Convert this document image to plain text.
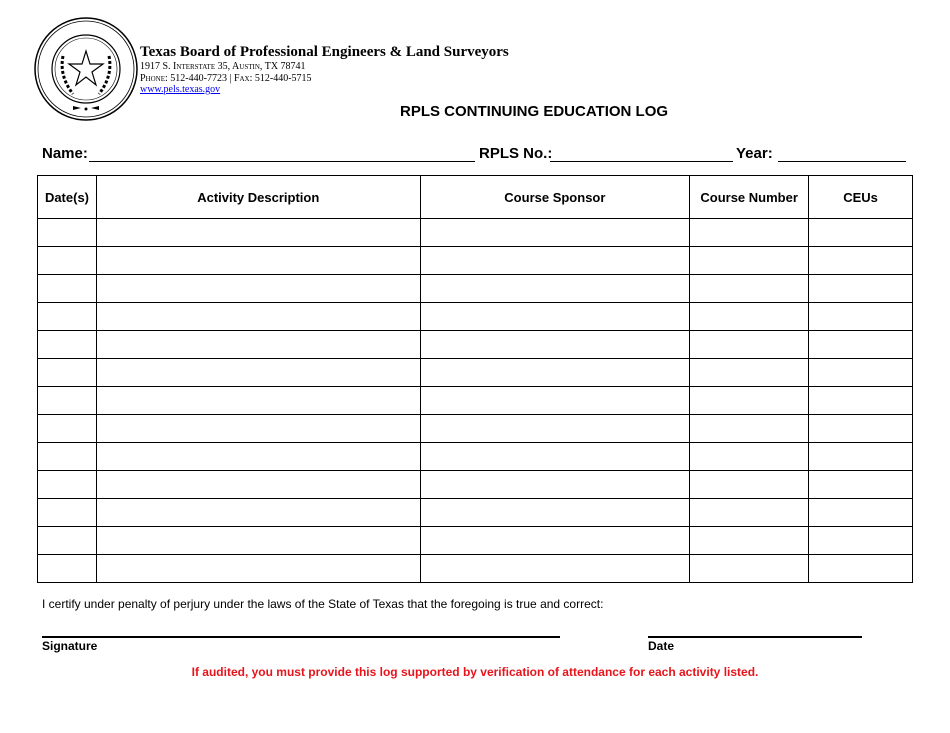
Texas Board of Professional Engineers & Land Surveyors
1917 S. Interstate 35, Austin, TX 78741
Phone: 512-440-7723 | Fax: 512-440-5715
www.pels.texas.gov
RPLS CONTINUING EDUCATION LOG
Name:	RPLS No.:	Year:
Date(s)	Activity Description	Course Sponsor	Course Number	CEUs

I certify under penalty of perjury under the laws of the State of Texas that the foregoing is true and correct:
Signature	Date
If audited, you must provide this log supported by verification of attendance for each activity listed.
